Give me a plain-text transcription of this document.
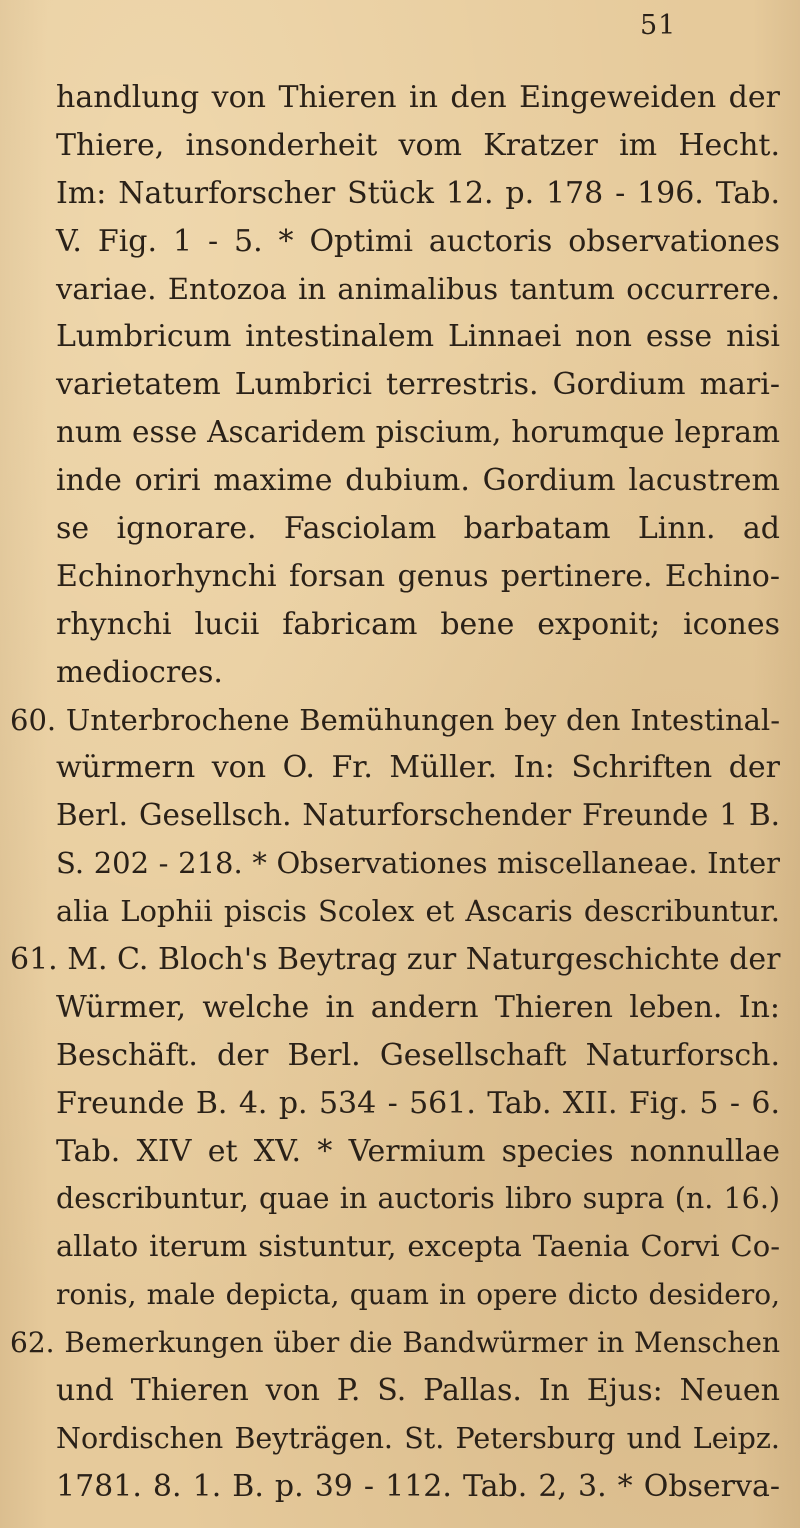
51
handlung von Thieren in den Eingeweiden der
Thiere, insonderheit vom Kratzer im Hecht.
Im: Naturforscher Stück 12. p. 178 - 196. Tab.
V. Fig. 1 - 5. * Optimi auctoris observationes
variae. Entozoa in animalibus tantum occurrere.
Lumbricum intestinalem Linnaei non esse nisi
varietatem Lumbrici terrestris. Gordium mari-
num esse Ascaridem piscium, horumque lepram
inde oriri maxime dubium. Gordium lacustrem
se ignorare. Fasciolam barbatam Linn. ad
Echinorhynchi forsan genus pertinere. Echino-
rhynchi lucii fabricam bene exponit; icones
mediocres.
60. Unterbrochene Bemühungen bey den Intestinal-
würmern von O. Fr. Müller. In: Schriften der
Berl. Gesellsch. Naturforschender Freunde 1 B.
S. 202 - 218. * Observationes miscellaneae. Inter
alia Lophii piscis Scolex et Ascaris describuntur.
61. M. C. Bloch's Beytrag zur Naturgeschichte der
Würmer, welche in andern Thieren leben. In:
Beschäft. der Berl. Gesellschaft Naturforsch.
Freunde B. 4. p. 534 - 561. Tab. XII. Fig. 5 - 6.
Tab. XIV et XV. * Vermium species nonnullae
describuntur, quae in auctoris libro supra (n. 16.)
allato iterum sistuntur, excepta Taenia Corvi Co-
ronis, male depicta, quam in opere dicto desidero,
62. Bemerkungen über die Bandwürmer in Menschen
und Thieren von P. S. Pallas. In Ejus: Neuen
Nordischen Beyträgen. St. Petersburg und Leipz.
1781. 8. 1. B. p. 39 - 112. Tab. 2, 3. * Observa-
